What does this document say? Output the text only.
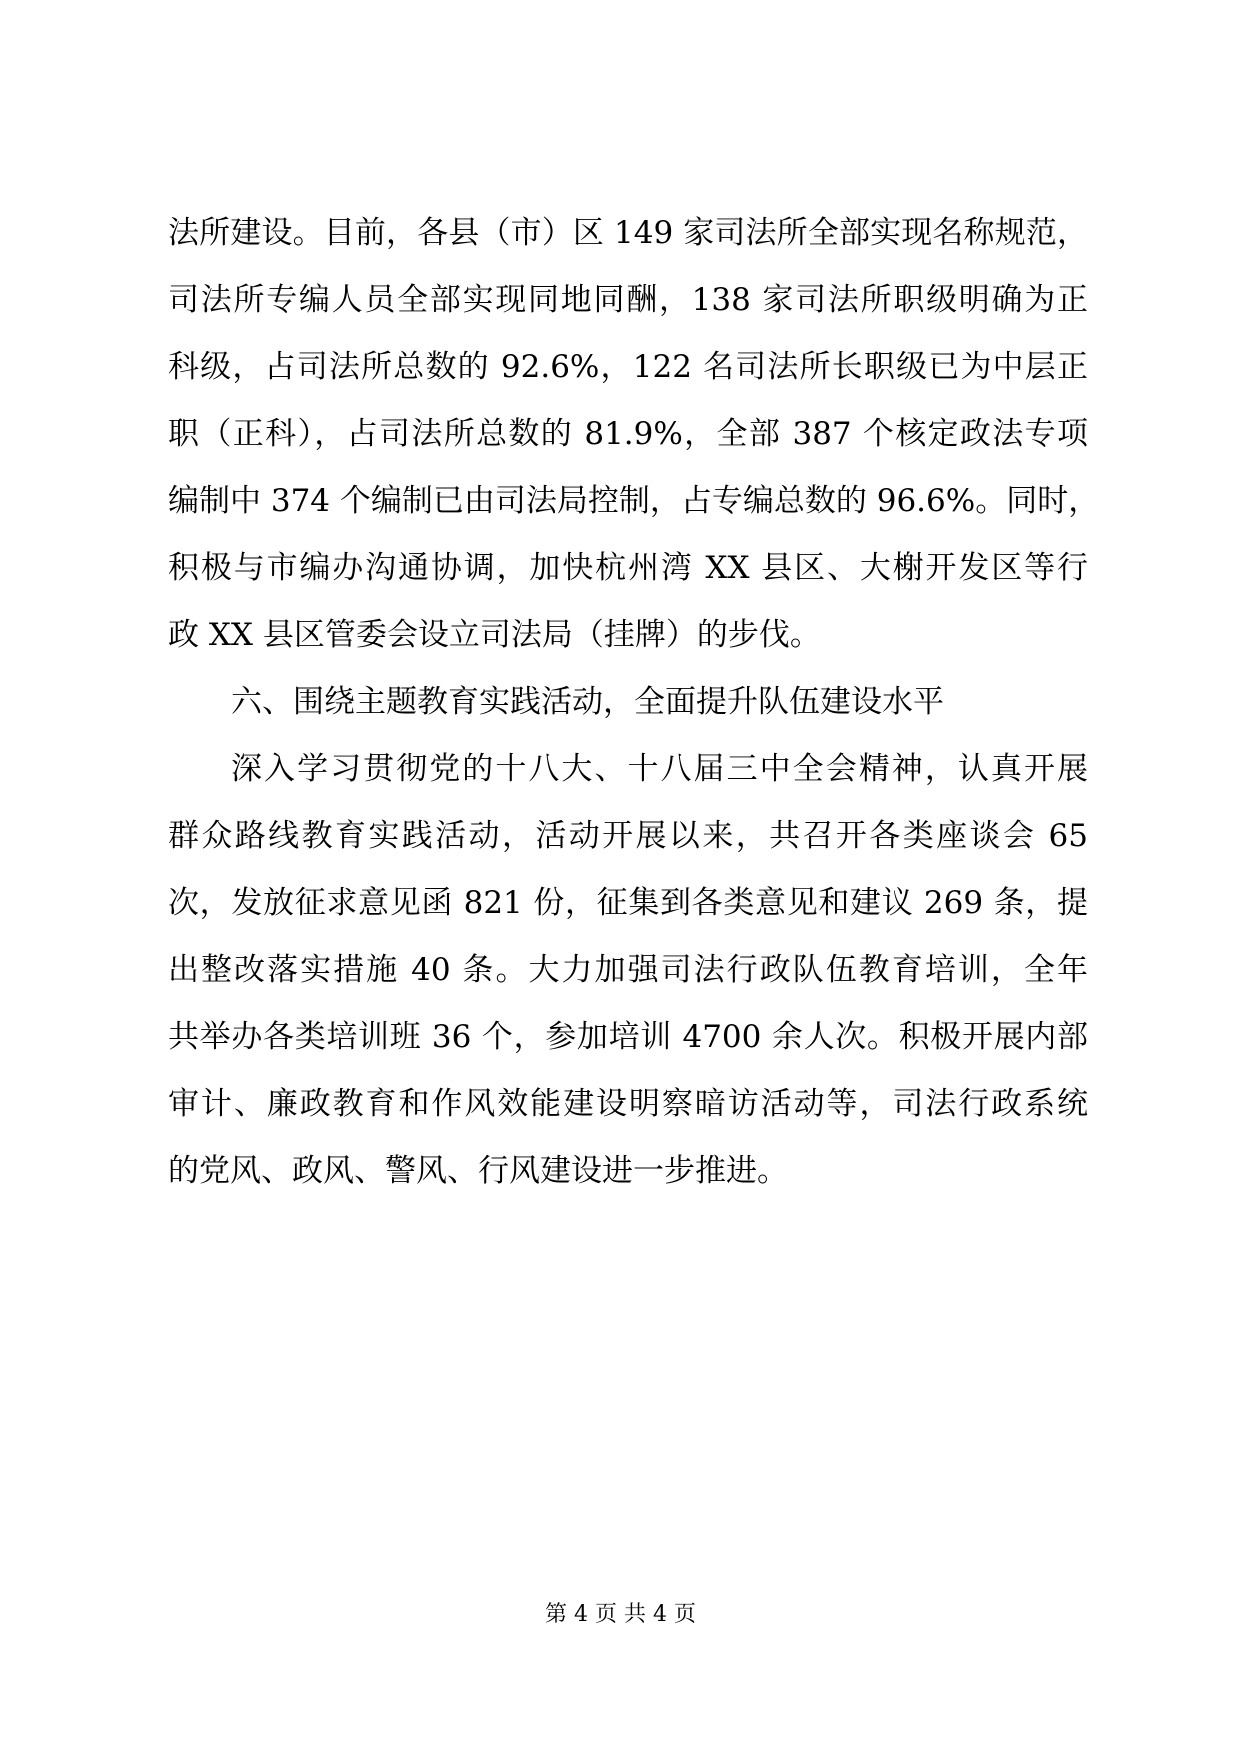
法所建设。目前，各县（市）区 149 家司法所全部实现名称规范，
司法所专编人员全部实现同地同酬，138 家司法所职级明确为正
科级，占司法所总数的 92.6%，122 名司法所长职级已为中层正
职（正科），占司法所总数的 81.9%，全部 387 个核定政法专项
编制中 374 个编制已由司法局控制，占专编总数的 96.6%。同时，
积极与市编办沟通协调，加快杭州湾 XX 县区、大榭开发区等行
政 XX 县区管委会设立司法局（挂牌）的步伐。
六、围绕主题教育实践活动，全面提升队伍建设水平
深入学习贯彻党的十八大、十八届三中全会精神，认真开展
群众路线教育实践活动，活动开展以来，共召开各类座谈会 65
次，发放征求意见函 821 份，征集到各类意见和建议 269 条，提
出整改落实措施 40 条。大力加强司法行政队伍教育培训，全年
共举办各类培训班 36 个，参加培训 4700 余人次。积极开展内部
审计、廉政教育和作风效能建设明察暗访活动等，司法行政系统
的党风、政风、警风、行风建设进一步推进。
第 4 页 共 4 页
